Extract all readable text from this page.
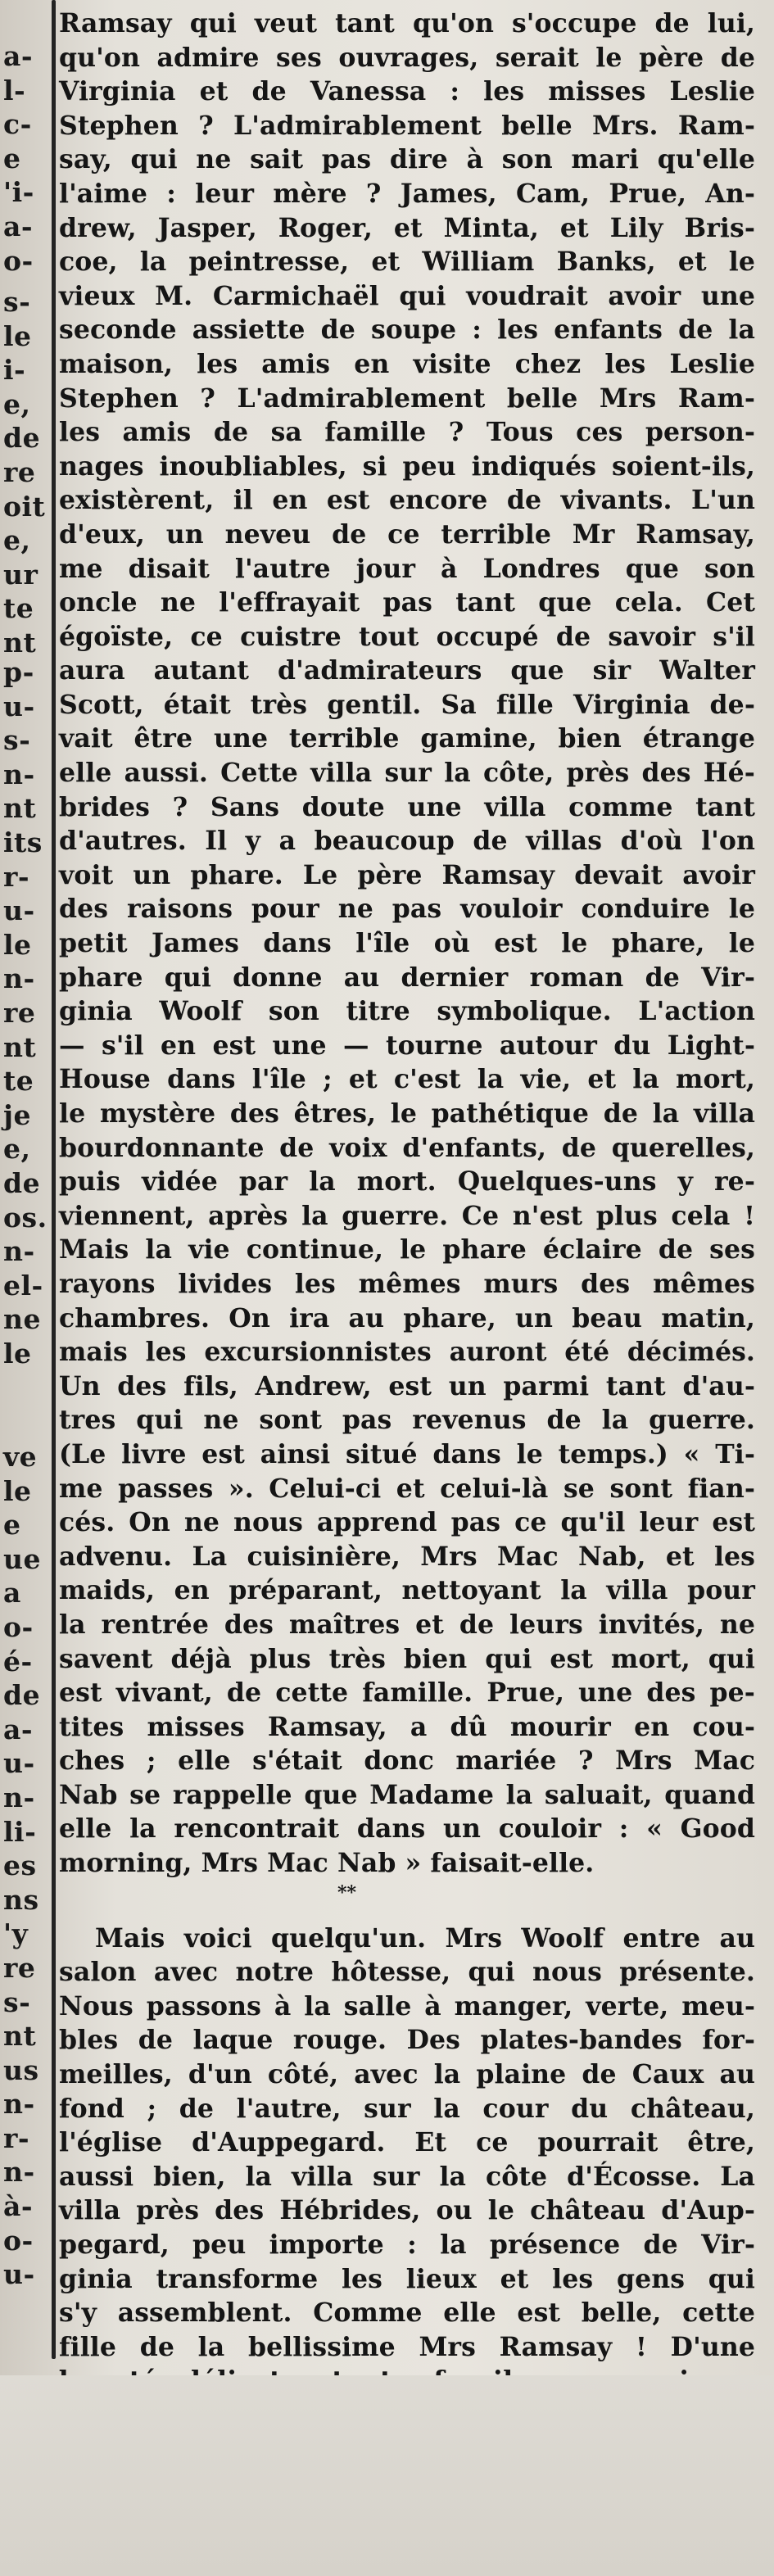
a-
l-
c-
e
'i-
a-
o-
s-
le
i-
e,
de
re
oit
e,
ur
te
nt
p-
u-
s-
n-
nt
its
r-
u-
le
n-
re
nt
te
je
e,
de
os.
n-
el-
ne
le
ve
le
e
ue
a
o-
é-
de
a-
u-
n-
li-
es
ns
'y
re
s-
nt
us
n-
r-
n-
à-
o-
u-
Ramsay qui veut tant qu'on s'occupe de lui,
qu'on admire ses ouvrages, serait le père de
Virginia et de Vanessa : les misses Leslie
Stephen ? L'admirablement belle Mrs. Ram-
say, qui ne sait pas dire à son mari qu'elle
l'aime : leur mère ? James, Cam, Prue, An-
drew, Jasper, Roger, et Minta, et Lily Bris-
coe, la peintresse, et William Banks, et le
vieux M. Carmichaël qui voudrait avoir une
seconde assiette de soupe : les enfants de la
maison, les amis en visite chez les Leslie
Stephen ? L'admirablement belle Mrs Ram-
les amis de sa famille ? Tous ces person-
nages inoubliables, si peu indiqués soient-ils,
existèrent, il en est encore de vivants. L'un
d'eux, un neveu de ce terrible Mr Ramsay,
me disait l'autre jour à Londres que son
oncle ne l'effrayait pas tant que cela. Cet
égoïste, ce cuistre tout occupé de savoir s'il
aura autant d'admirateurs que sir Walter
Scott, était très gentil. Sa fille Virginia de-
vait être une terrible gamine, bien étrange
elle aussi. Cette villa sur la côte, près des Hé-
brides ? Sans doute une villa comme tant
d'autres. Il y a beaucoup de villas d'où l'on
voit un phare. Le père Ramsay devait avoir
des raisons pour ne pas vouloir conduire le
petit James dans l'île où est le phare, le
phare qui donne au dernier roman de Vir-
ginia Woolf son titre symbolique. L'action
— s'il en est une — tourne autour du Light-
House dans l'île ; et c'est la vie, et la mort,
le mystère des êtres, le pathétique de la villa
bourdonnante de voix d'enfants, de querelles,
puis vidée par la mort. Quelques-uns y re-
viennent, après la guerre. Ce n'est plus cela !
Mais la vie continue, le phare éclaire de ses
rayons livides les mêmes murs des mêmes
chambres. On ira au phare, un beau matin,
mais les excursionnistes auront été décimés.
Un des fils, Andrew, est un parmi tant d'au-
tres qui ne sont pas revenus de la guerre.
(Le livre est ainsi situé dans le temps.) « Ti-
me passes ». Celui-ci et celui-là se sont fian-
cés. On ne nous apprend pas ce qu'il leur est
advenu. La cuisinière, Mrs Mac Nab, et les
maids, en préparant, nettoyant la villa pour
la rentrée des maîtres et de leurs invités, ne
savent déjà plus très bien qui est mort, qui
est vivant, de cette famille. Prue, une des pe-
tites misses Ramsay, a dû mourir en cou-
ches ; elle s'était donc mariée ? Mrs Mac
Nab se rappelle que Madame la saluait, quand
elle la rencontrait dans un couloir : « Good
morning, Mrs Mac Nab » faisait-elle.
**
Mais voici quelqu'un. Mrs Woolf entre au
salon avec notre hôtesse, qui nous présente.
Nous passons à la salle à manger, verte, meu-
bles de laque rouge. Des plates-bandes for-
meilles, d'un côté, avec la plaine de Caux au
fond ; de l'autre, sur la cour du château,
l'église d'Auppegard. Et ce pourrait être,
aussi bien, la villa sur la côte d'Écosse. La
villa près des Hébrides, ou le château d'Aup-
pegard, peu importe : la présence de Vir-
ginia transforme les lieux et les gens qui
s'y assemblent. Comme elle est belle, cette
fille de la bellissime Mrs Ramsay ! D'une
